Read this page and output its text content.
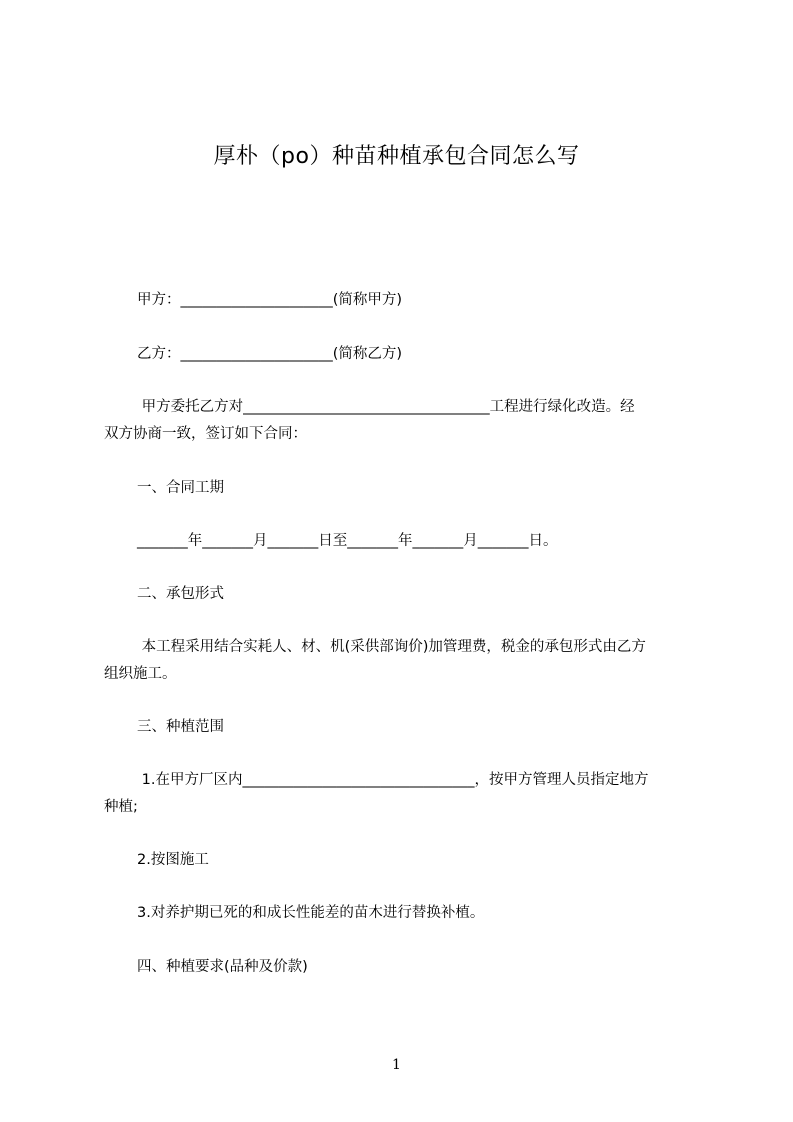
厚朴（po）种苗种植承包合同怎么写
甲方：_____________________(简称甲方)
乙方：_____________________(简称乙方)
甲方委托乙方对__________________________________工程进行绿化改造。经
双方协商一致，签订如下合同：
一、合同工期
_______年_______月_______日至_______年_______月_______日。
二、承包形式
本工程采用结合实耗人、材、机(采供部询价)加管理费，税金的承包形式由乙方
组织施工。
三、种植范围
1.在甲方厂区内________________________________，按甲方管理人员指定地方
种植;
2.按图施工
3.对养护期已死的和成长性能差的苗木进行替换补植。
四、种植要求(品种及价款)
1
